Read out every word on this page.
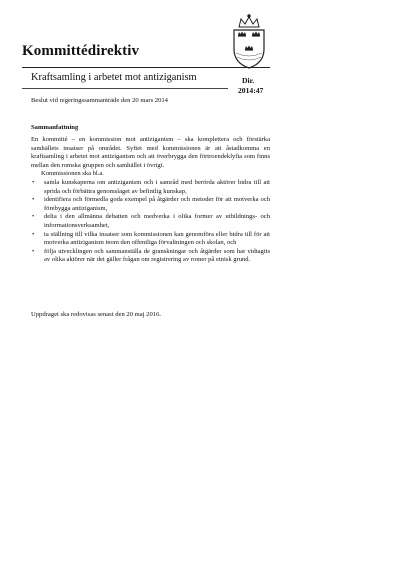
Kommittédirektiv
Kraftsamling i arbetet mot antiziganism	Dir.
2014:47
Beslut vid regeringssammanträde den 20 mars 2014
Sammanfattning

En kommitté – en kommission mot antiziganism – ska komplettera och förstärka samhällets insatser på området. Syftet med kommissionen är att åstadkomma en kraftsamling i arbetet mot antiziganism och att överbrygga den förtroendeklyfta som finns mellan den romska gruppen och samhället i övrigt.

Kommissionen ska bl.a.

• samla kunskaperna om antiziganism och i samråd med berörda aktörer bidra till att sprida och förbättra genomslaget av befintlig kunskap,
• identifiera och förmedla goda exempel på åtgärder och metoder för att motverka och förebygga antiziganism,
• delta i den allmänna debatten och medverka i olika former av utbildnings- och informationsverksamhet,
• ta ställning till vilka insatser som kommissionen kan genomföra eller bidra till för att motverka antiziganism inom den offentliga förvaltningen och skolan, och
• följa utvecklingen och sammanställa de granskningar och åtgärder som har vidtagits av olika aktörer när det gäller frågan om registrering av romer på etnisk grund.
Uppdraget ska redovisas senast den 20 maj 2016.
